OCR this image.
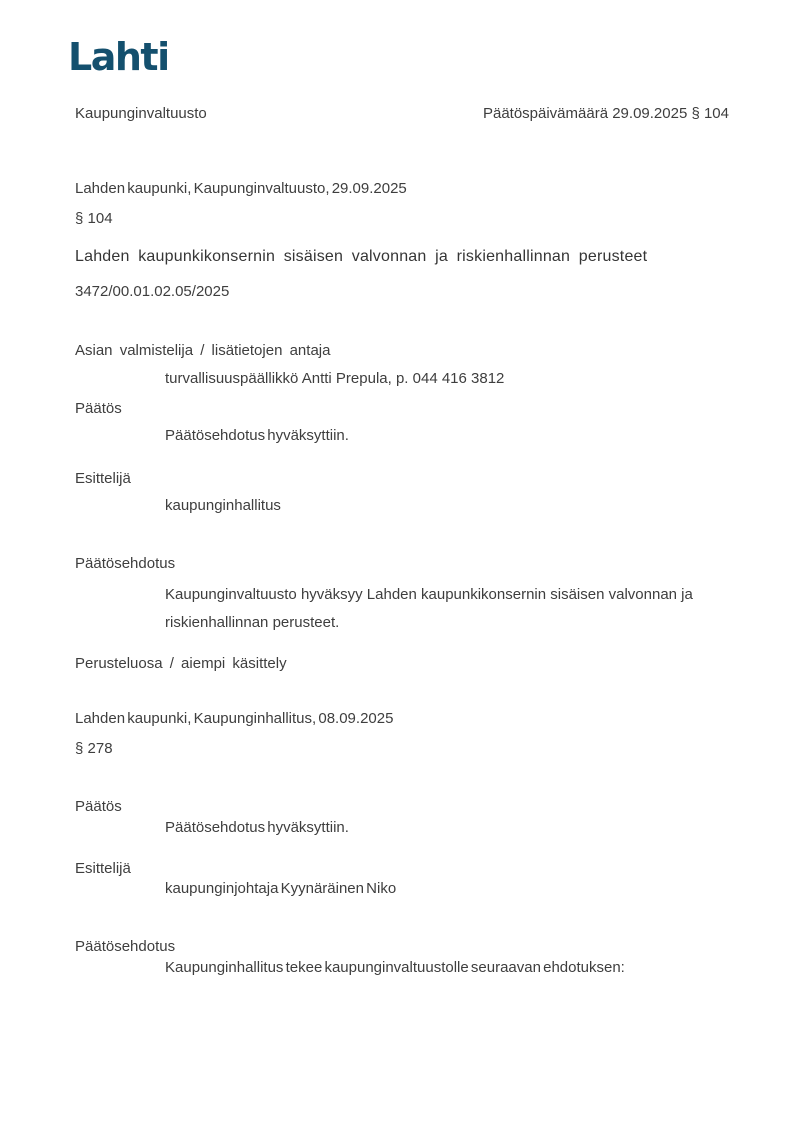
Lahti
Kaupunginvaltuusto	Päätöspäivämäärä 29.09.2025 § 104
Lahden kaupunki, Kaupunginvaltuusto, 29.09.2025
§ 104
Lahden kaupunkikonsernin sisäisen valvonnan ja riskienhallinnan perusteet
3472/00.01.02.05/2025
Asian valmistelija / lisätietojen antaja
turvallisuuspäällikkö Antti Prepula, p. 044 416 3812
Päätös
Päätösehdotus hyväksyttiin.
Esittelijä
kaupunginhallitus
Päätösehdotus
Kaupunginvaltuusto hyväksyy Lahden kaupunkikonsernin sisäisen valvonnan ja riskienhallinnan perusteet.
Perusteluosa / aiempi käsittely
Lahden kaupunki, Kaupunginhallitus, 08.09.2025
§ 278
Päätös
Päätösehdotus hyväksyttiin.
Esittelijä
kaupunginjohtaja Kyynäräinen Niko
Päätösehdotus
Kaupunginhallitus tekee kaupunginvaltuustolle seuraavan ehdotuksen:
